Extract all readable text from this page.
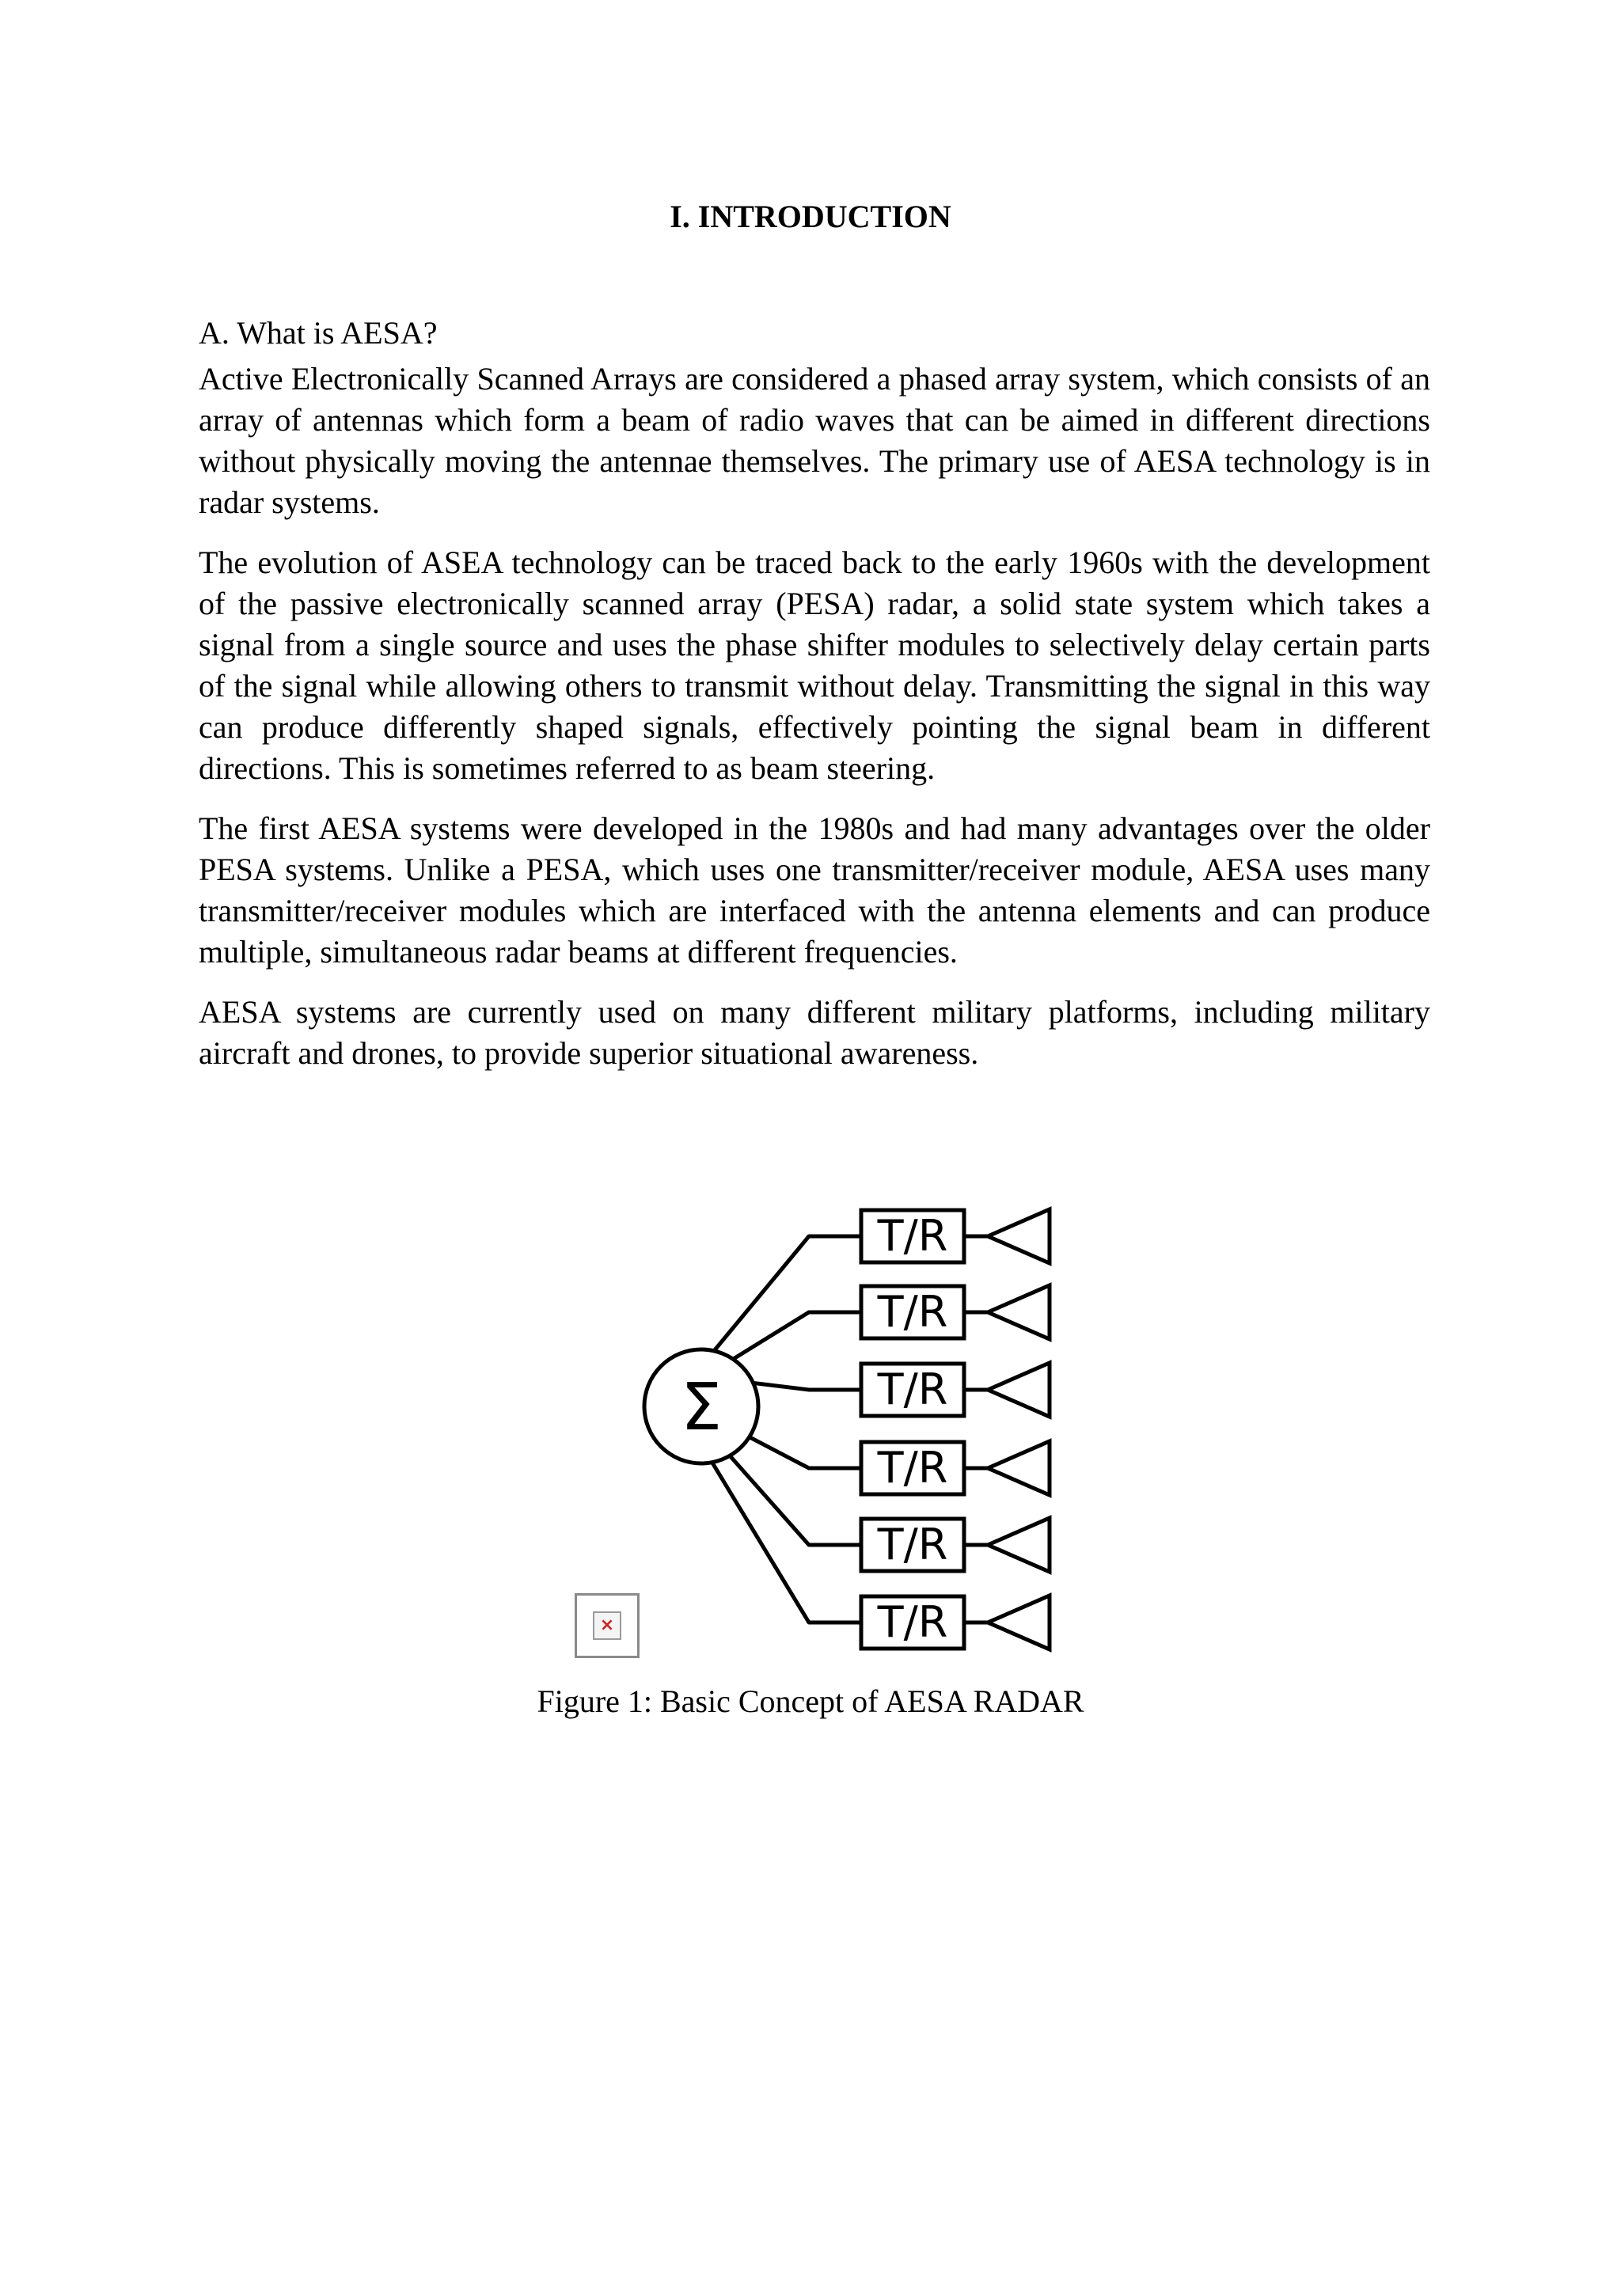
I. INTRODUCTION

A. What is AESA?

Active Electronically Scanned Arrays are considered a phased array system, which consists of an array of antennas which form a beam of radio waves that can be aimed in different directions without physically moving the antennae themselves. The primary use of AESA technology is in radar systems.

The evolution of ASEA technology can be traced back to the early 1960s with the development of the passive electronically scanned array (PESA) radar, a solid state system which takes a signal from a single source and uses the phase shifter modules to selectively delay certain parts of the signal while allowing others to transmit without delay. Transmitting the signal in this way can produce differently shaped signals, effectively pointing the signal beam in different directions. This is sometimes referred to as beam steering.

The first AESA systems were developed in the 1980s and had many advantages over the older PESA systems. Unlike a PESA, which uses one transmitter/receiver module, AESA uses many transmitter/receiver modules which are interfaced with the antenna elements and can produce multiple, simultaneous radar beams at different frequencies.

AESA systems are currently used on many different military platforms, including military aircraft and drones, to provide superior situational awareness.

Σ
T/R
T/R
T/R
T/R
T/R
T/R
×

Figure 1: Basic Concept of AESA RADAR
